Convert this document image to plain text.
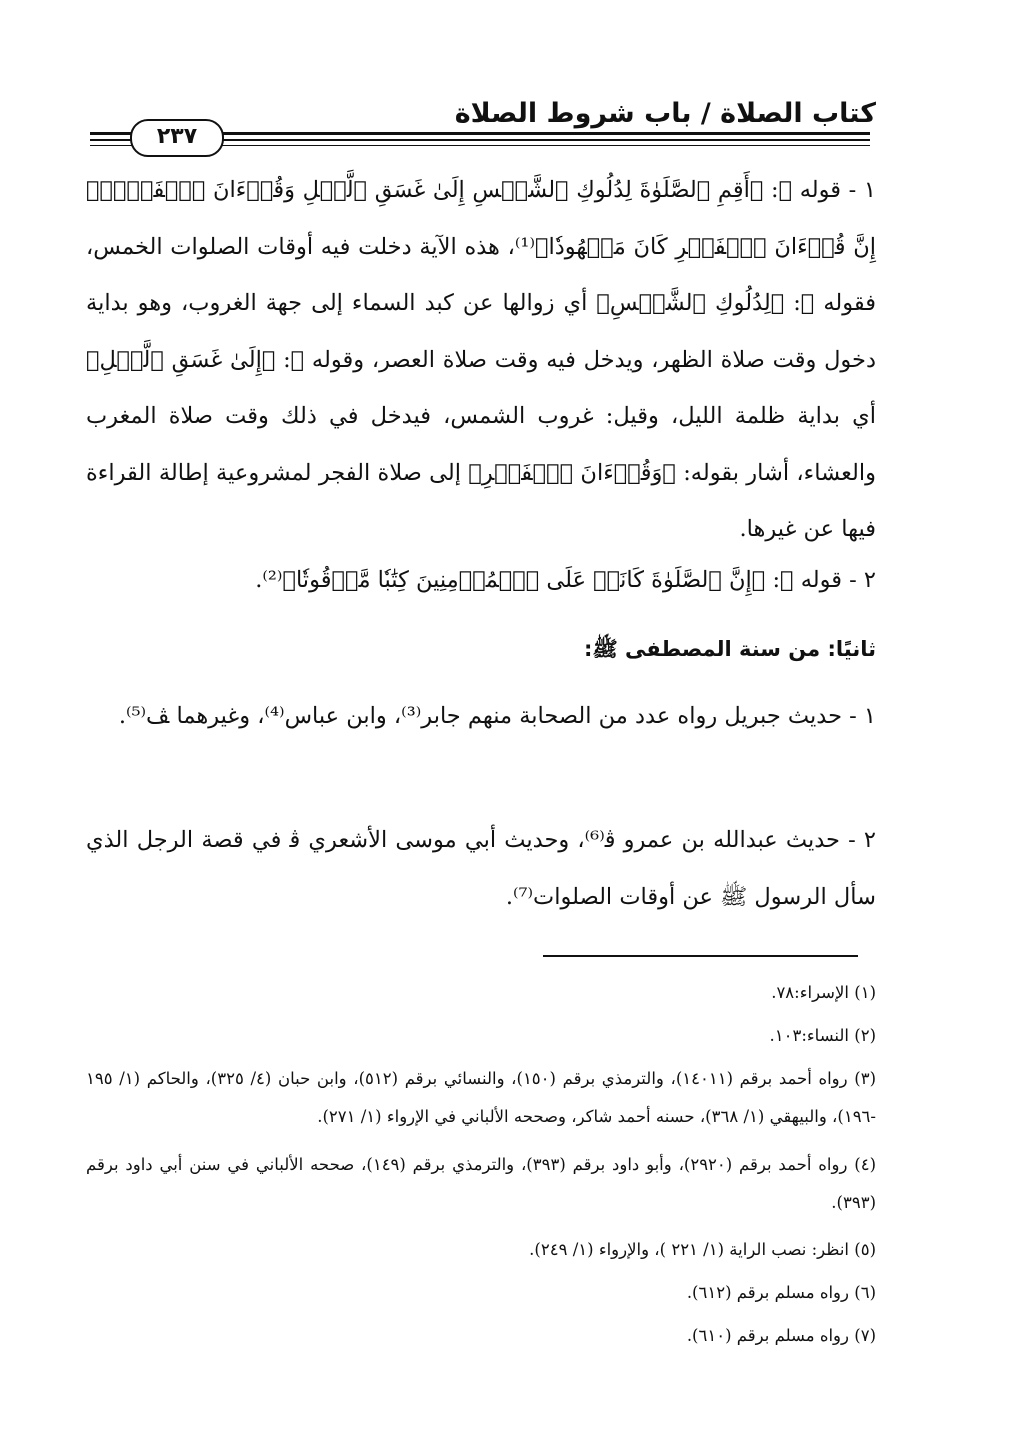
كتاب الصلاة / باب شروط الصلاة
٢٣٧

١ - قوله ﷻ: ﴿أَقِمِ ٱلصَّلَوٰةَ لِدُلُوكِ ٱلشَّمۡسِ إِلَىٰ غَسَقِ ٱلَّيۡلِ وَقُرۡءَانَ ٱلۡفَجۡرِۖ إِنَّ قُرۡءَانَ ٱلۡفَجۡرِ كَانَ مَشۡهُودٗا﴾⁽¹⁾، هذه الآية دخلت فيه أوقات الصلوات الخمس، فقوله ﷻ: ﴿لِدُلُوكِ ٱلشَّمۡسِ﴾ أي زوالها عن كبد السماء إلى جهة الغروب، وهو بداية دخول وقت صلاة الظهر، ويدخل فيه وقت صلاة العصر، وقوله ﷻ: ﴿إِلَىٰ غَسَقِ ٱلَّيۡلِ﴾ أي بداية ظلمة الليل، وقيل: غروب الشمس، فيدخل في ذلك وقت صلاة المغرب والعشاء، أشار بقوله: ﴿وَقُرۡءَانَ ٱلۡفَجۡرِ﴾ إلى صلاة الفجر لمشروعية إطالة القراءة فيها عن غيرها.

٢ - قوله ﷻ: ﴿إِنَّ ٱلصَّلَوٰةَ كَانَتۡ عَلَى ٱلۡمُؤۡمِنِينَ كِتَٰبٗا مَّوۡقُوتٗا﴾⁽²⁾.
ثانيًا: من سنة المصطفى ﷺ:

١ - حديث جبريل رواه عدد من الصحابة منهم جابر⁽³⁾، وابن عباس⁽⁴⁾، وغيرهما ﭫ⁽⁵⁾.

٢ - حديث عبدالله بن عمرو ﭬ⁽⁶⁾، وحديث أبي موسى الأشعري ﭬ في قصة الرجل الذي سأل الرسول ﷺ عن أوقات الصلوات⁽⁷⁾.

(١) الإسراء:٧٨.
(٢) النساء:١٠٣.
(٣) رواه أحمد برقم (١٤٠١١)، والترمذي برقم (١٥٠)، والنسائي برقم (٥١٢)، وابن حبان (٤/ ٣٢٥)، والحاكم (١/ ١٩٥ -١٩٦)، والبيهقي (١/ ٣٦٨)، حسنه أحمد شاكر، وصححه الألباني في الإرواء (١/ ٢٧١).
(٤) رواه أحمد برقم (٢٩٢٠)، وأبو داود برقم (٣٩٣)، والترمذي برقم (١٤٩)، صححه الألباني في سنن أبي داود برقم (٣٩٣).
(٥) انظر: نصب الراية (١/ ٢٢١ )، والإرواء (١/ ٢٤٩).
(٦) رواه مسلم برقم (٦١٢).
(٧) رواه مسلم برقم (٦١٠).
